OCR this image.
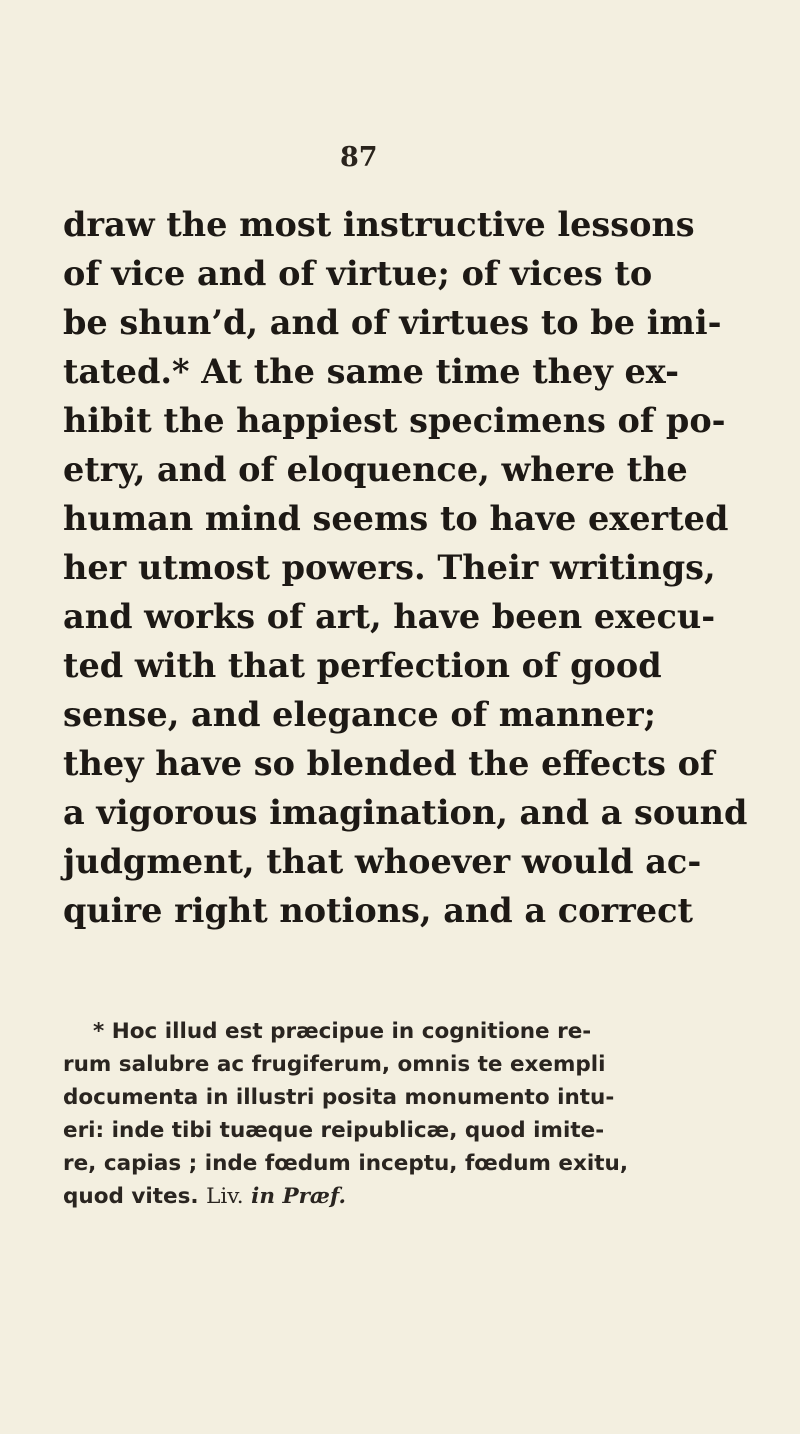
87
draw the most instructive lessons
of vice and of virtue; of vices to
be shun’d, and of virtues to be imi-
tated.* At the same time they ex-
hibit the happiest specimens of po-
etry, and of eloquence, where the
human mind seems to have exerted
her utmost powers. Their writings,
and works of art, have been execu-
ted with that perfection of good
sense, and elegance of manner;
they have so blended the effects of
a vigorous imagination, and a sound
judgment, that whoever would ac-
quire right notions, and a correct
* Hoc illud est præcipue in cognitione re-
rum salubre ac frugiferum, omnis te exempli
documenta in illustri posita monumento intu-
eri: inde tibi tuæque reipublicæ, quod imite-
re, capias ; inde fœdum inceptu, fœdum exitu,
quod vites. Liv. in Præf.
